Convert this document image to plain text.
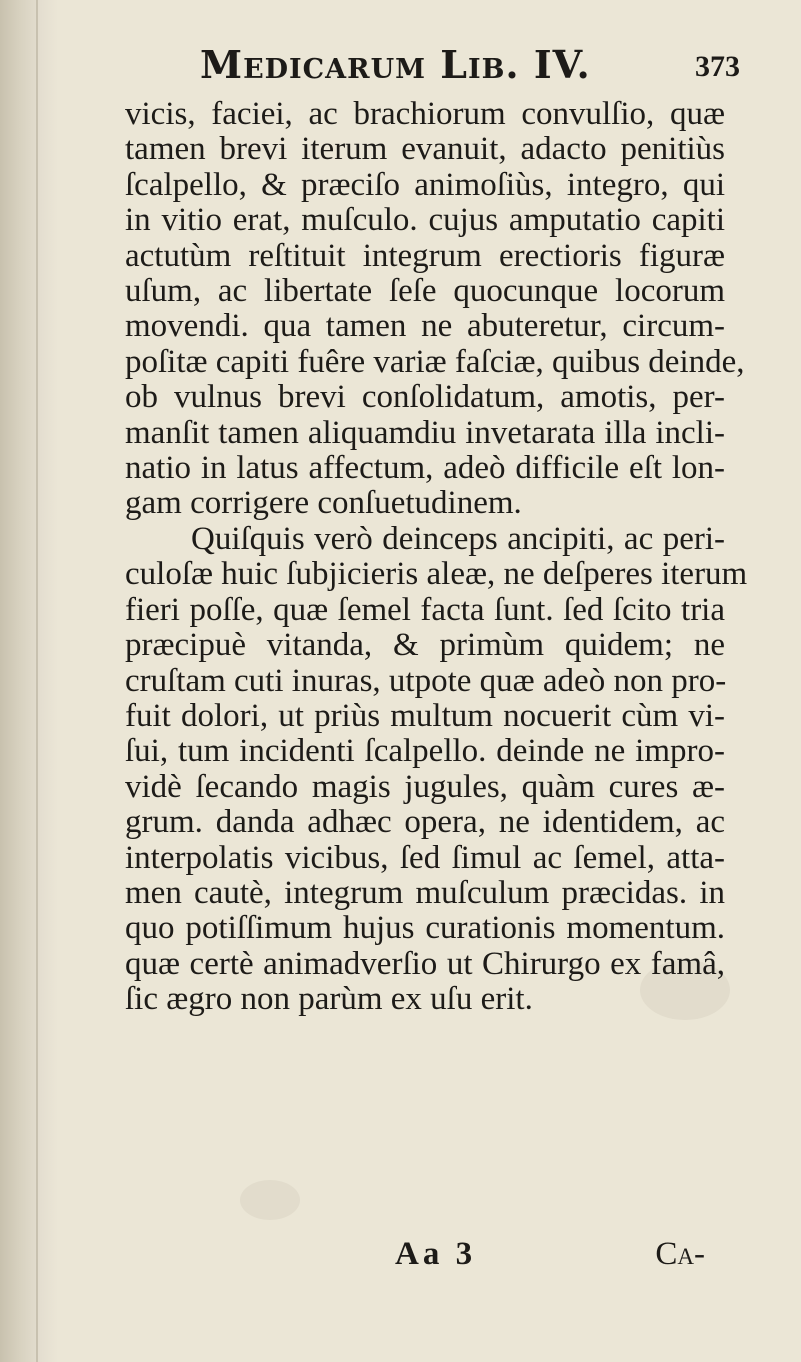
Medicarum Lib. IV.	373
vicis, faciei, ac brachiorum convulſio, quæ
tamen brevi iterum evanuit, adacto penitiùs
ſcalpello, & præciſo animoſiùs, integro, qui
in vitio erat, muſculo. cujus amputatio capiti
actutùm reſtituit integrum erectioris figuræ
uſum, ac libertate ſeſe quocunque locorum
movendi. qua tamen ne abuteretur, circum-
poſitæ capiti fuêre variæ faſciæ, quibus deinde,
ob vulnus brevi conſolidatum, amotis, per-
manſit tamen aliquamdiu invetarata illa incli-
natio in latus affectum, adeò difficile eſt lon-
gam corrigere conſuetudinem.
Quiſquis verò deinceps ancipiti, ac peri-
culoſæ huic ſubjicieris aleæ, ne deſperes iterum
fieri poſſe, quæ ſemel facta ſunt. ſed ſcito tria
præcipuè vitanda, & primùm quidem; ne
cruſtam cuti inuras, utpote quæ adeò non pro-
fuit dolori, ut priùs multum nocuerit cùm vi-
ſui, tum incidenti ſcalpello. deinde ne impro-
vidè ſecando magis jugules, quàm cures æ-
grum. danda adhæc opera, ne identidem, ac
interpolatis vicibus, ſed ſimul ac ſemel, atta-
men cautè, integrum muſculum præcidas. in
quo potiſſimum hujus curationis momentum.
quæ certè animadverſio ut Chirurgo ex famâ,
ſic ægro non parùm ex uſu erit.
Aa 3	Ca-
